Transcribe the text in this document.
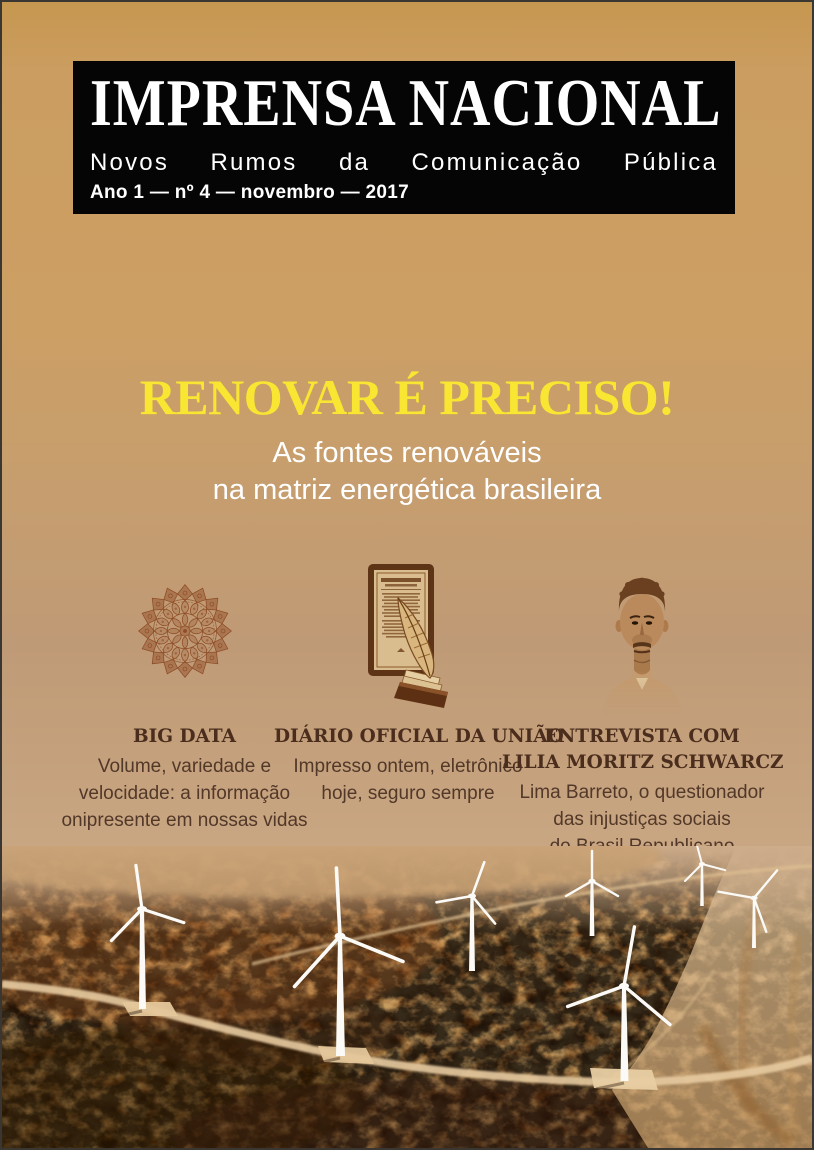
IMPRENSA NACIONAL
Novos Rumos da Comunicação Pública
Ano 1 — nº 4 — novembro — 2017
RENOVAR É PRECISO!
As fontes renováveis
na matriz energética brasileira
BIG DATA
Volume, variedade e
velocidade: a informação
onipresente em nossas vidas
DIÁRIO OFICIAL DA UNIÃO
Impresso ontem, eletrônico
hoje, seguro sempre
ENTREVISTA COM
LILIA MORITZ SCHWARCZ
Lima Barreto, o questionador
das injustiças sociais
